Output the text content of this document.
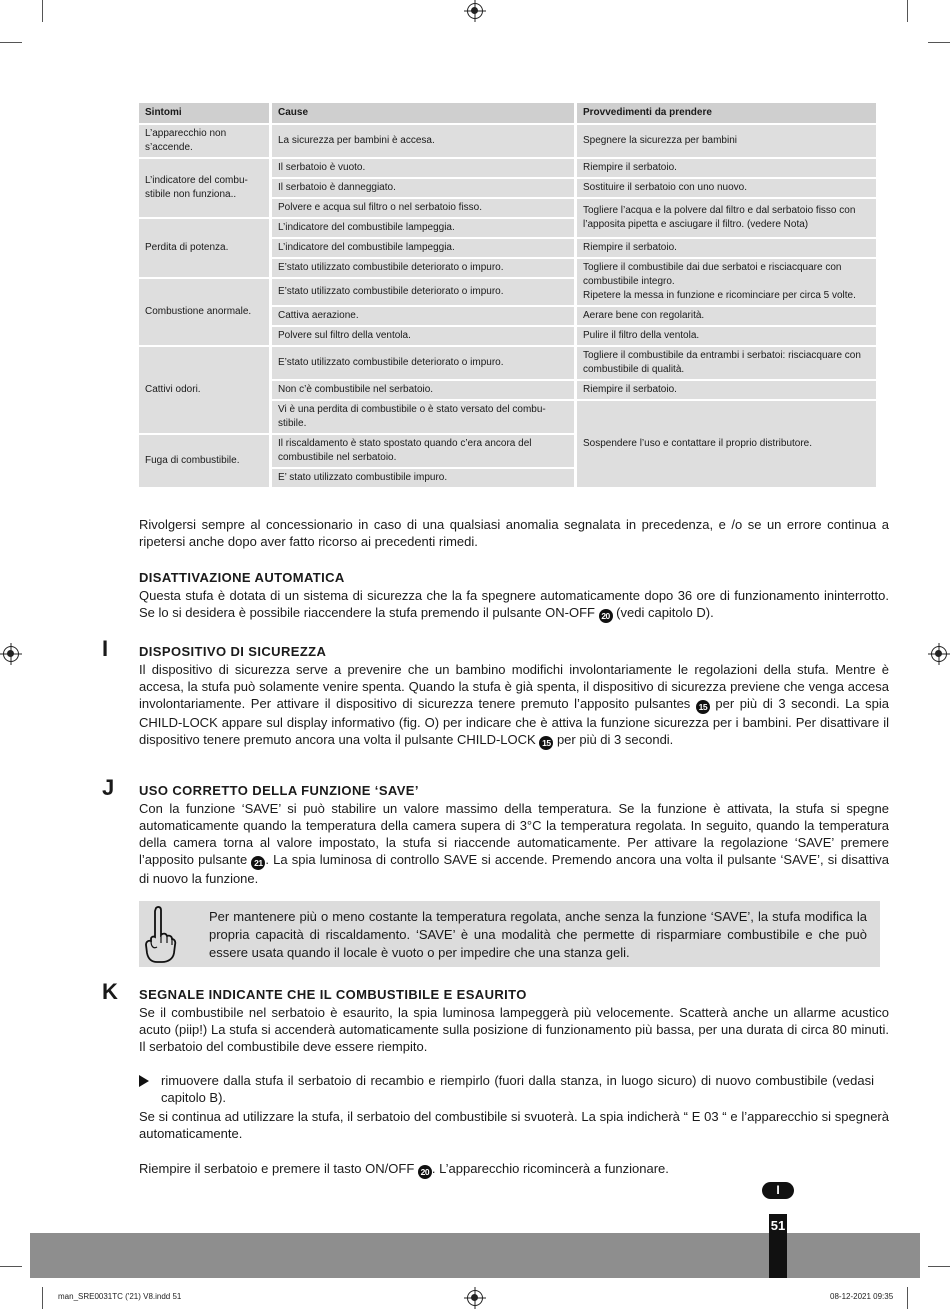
Sintomi	Cause	Provvedimenti da prendere
L’apparecchio non s’accende.	La sicurezza per bambini è accesa.	Spegnere la sicurezza per bambini
L’indicatore del combu-stibile non funziona..	Il serbatoio è vuoto.	Riempire il serbatoio.
	Il serbatoio è danneggiato.	Sostituire il serbatoio con uno nuovo.
	Polvere e acqua sul filtro o nel serbatoio fisso.	Togliere l’acqua e la polvere dal filtro e dal serbatoio fisso con l’apposita pipetta e asciugare il filtro. (vedere Nota)
Perdita di potenza.	L’indicatore del combustibile lampeggia.	
	L’indicatore del combustibile lampeggia.	Riempire il serbatoio.
	E’stato utilizzato combustibile deteriorato o impuro.	Togliere il combustibile dai due serbatoi e risciacquare con combustibile integro.
Ripetere la messa in funzione e ricominciare per circa 5 volte.

Combustione anormale.	E’stato utilizzato combustibile deteriorato o impuro.	
	Cattiva aerazione.	Aerare bene con regolarità.
	Polvere sul filtro della ventola.	Pulire il filtro della ventola.
Cattivi odori.	E’stato utilizzato combustibile deteriorato o impuro.	Togliere il combustibile da entrambi i serbatoi: risciacquare con combustibile di qualità.
	Non c’è combustibile nel serbatoio.	Riempire il serbatoio.
	Vi è una perdita di combustibile o è stato versato del combu-stibile.	Sospendere l’uso e contattare il proprio distributore.
Fuga di combustibile.	Il riscaldamento è stato spostato quando c’era ancora del combustibile nel serbatoio.	
	E’ stato utilizzato combustibile impuro.	
Rivolgersi sempre al concessionario in caso di una qualsiasi anomalia segnalata in precedenza, e /o se un errore continua a ripetersi anche dopo aver fatto ricorso ai precedenti rimedi.
DISATTIVAZIONE AUTOMATICA
Questa stufa è dotata di un sistema di sicurezza che la fa spegnere automaticamente dopo 36 ore di funzionamento ininterrotto. Se lo si desidera è possibile riaccendere la stufa premendo il pulsante ON-OFF 20 (vedi capitolo D).
I DISPOSITIVO DI SICUREZZA
Il dispositivo di sicurezza serve a prevenire che un bambino modifichi involontariamente le regolazioni della stufa. Mentre è accesa, la stufa può solamente venire spenta. Quando la stufa è già spenta, il dispositivo di sicurezza previene che venga accesa involontariamente. Per attivare il dispositivo di sicurezza tenere premuto l’apposito pulsantes 15 per più di 3 secondi. La spia CHILD-LOCK appare sul display informativo (fig. O) per indicare che è attiva la funzione sicurezza per i bambini. Per disattivare il dispositivo tenere premuto ancora una volta il pulsante CHILD-LOCK 15 per più di 3 secondi.
J USO CORRETTO DELLA FUNZIONE ‘SAVE’
Con la funzione ‘SAVE’ si può stabilire un valore massimo della temperatura. Se la funzione è attivata, la stufa si spegne automaticamente quando la temperatura della camera supera di 3°C la temperatura regolata. In seguito, quando la temperatura della camera torna al valore impostato, la stufa si riaccende automaticamente. Per attivare la regolazione ‘SAVE’ premere l’apposito pulsante 21 . La spia luminosa di controllo SAVE si accende. Premendo ancora una volta il pulsante ‘SAVE’, si disattiva di nuovo la funzione.
Per mantenere più o meno costante la temperatura regolata, anche senza la funzione ‘SAVE’, la stufa modifica la propria capacità di riscaldamento. ‘SAVE’ è una modalità che permette di risparmiare combustibile e che può essere usata quando il locale è vuoto o per impedire che una stanza geli.
K SEGNALE INDICANTE CHE IL COMBUSTIBILE E ESAURITO
Se il combustibile nel serbatoio è esaurito, la spia luminosa lampeggerà più velocemente. Scatterà anche un allarme acustico acuto (piip!) La stufa si accenderà automaticamente sulla posizione di funzionamento più bassa, per una durata di circa 80 minuti. Il serbatoio del combustibile deve essere riempito.
rimuovere dalla stufa il serbatoio di recambio e riempirlo (fuori dalla stanza, in luogo sicuro) di nuovo combustibile (vedasi capitolo B).
Se si continua ad utilizzare la stufa, il serbatoio del combustibile si svuoterà. La spia indicherà “ E 03 “ e l’apparecchio si spegnerà automaticamente.
Riempire il serbatoio e premere il tasto ON/OFF 20 . L’apparecchio ricomincerà a funzionare.
I
51
man_SRE0031TC ('21) V8.indd 51	08-12-2021 09:35
